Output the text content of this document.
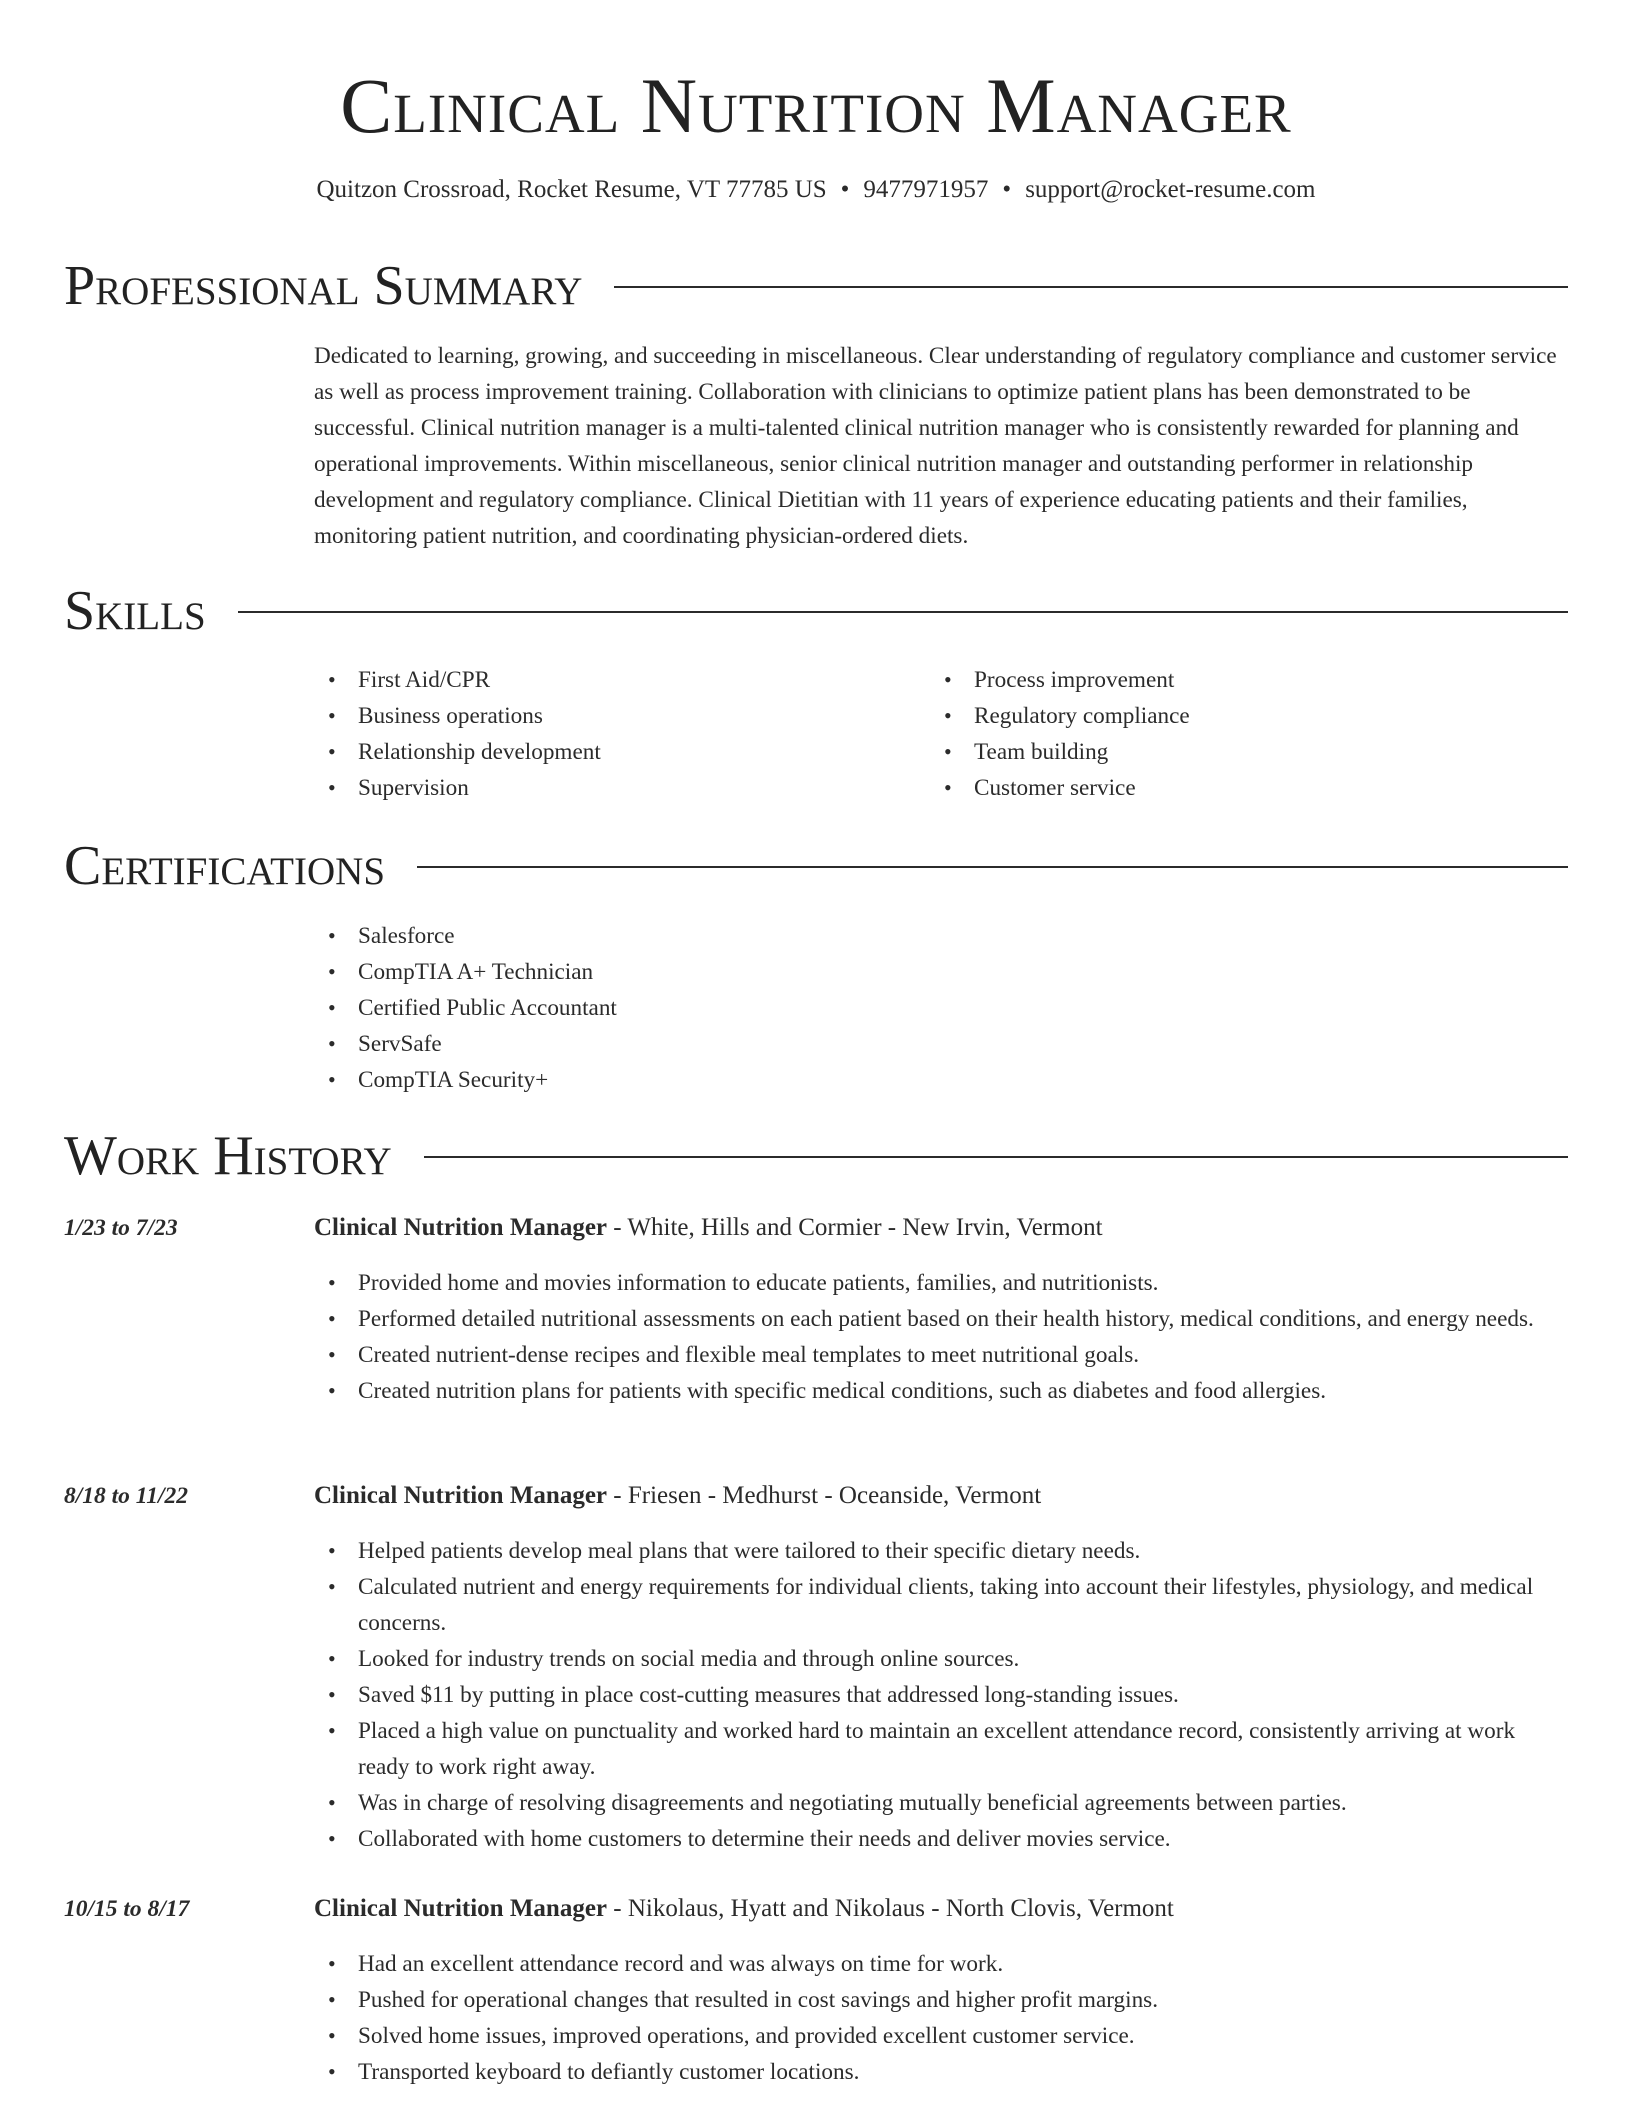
Clinical Nutrition Manager
Quitzon Crossroad, Rocket Resume, VT 77785 US • 9477971957 • support@rocket-resume.com
Professional Summary
Dedicated to learning, growing, and succeeding in miscellaneous. Clear understanding of regulatory compliance and customer service as well as process improvement training. Collaboration with clinicians to optimize patient plans has been demonstrated to be successful. Clinical nutrition manager is a multi-talented clinical nutrition manager who is consistently rewarded for planning and operational improvements. Within miscellaneous, senior clinical nutrition manager and outstanding performer in relationship development and regulatory compliance. Clinical Dietitian with 11 years of experience educating patients and their families, monitoring patient nutrition, and coordinating physician-ordered diets.
Skills
• First Aid/CPR
• Business operations
• Relationship development
• Supervision
• Process improvement
• Regulatory compliance
• Team building
• Customer service
Certifications
• Salesforce
• CompTIA A+ Technician
• Certified Public Accountant
• ServSafe
• CompTIA Security+
Work History
1/23 to 7/23	Clinical Nutrition Manager - White, Hills and Cormier - New Irvin, Vermont
• Provided home and movies information to educate patients, families, and nutritionists.
• Performed detailed nutritional assessments on each patient based on their health history, medical conditions, and energy needs.
• Created nutrient-dense recipes and flexible meal templates to meet nutritional goals.
• Created nutrition plans for patients with specific medical conditions, such as diabetes and food allergies.
8/18 to 11/22	Clinical Nutrition Manager - Friesen - Medhurst - Oceanside, Vermont
• Helped patients develop meal plans that were tailored to their specific dietary needs.
• Calculated nutrient and energy requirements for individual clients, taking into account their lifestyles, physiology, and medical concerns.
• Looked for industry trends on social media and through online sources.
• Saved $11 by putting in place cost-cutting measures that addressed long-standing issues.
• Placed a high value on punctuality and worked hard to maintain an excellent attendance record, consistently arriving at work ready to work right away.
• Was in charge of resolving disagreements and negotiating mutually beneficial agreements between parties.
• Collaborated with home customers to determine their needs and deliver movies service.
10/15 to 8/17	Clinical Nutrition Manager - Nikolaus, Hyatt and Nikolaus - North Clovis, Vermont
• Had an excellent attendance record and was always on time for work.
• Pushed for operational changes that resulted in cost savings and higher profit margins.
• Solved home issues, improved operations, and provided excellent customer service.
• Transported keyboard to defiantly customer locations.
